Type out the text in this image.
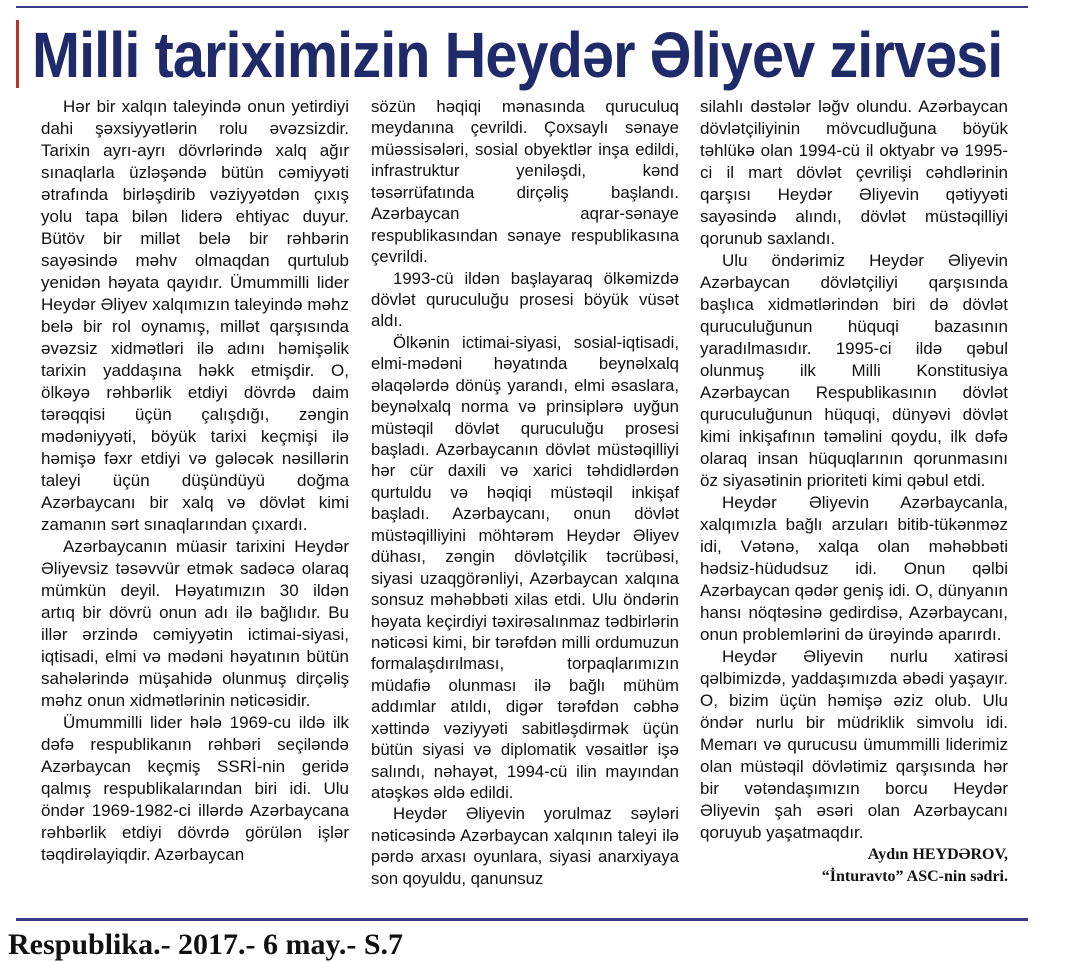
Milli tariximizin Heydər Əliyev zirvəsi

Hər bir xalqın taleyində onun yetirdiyi dahi şəxsiyyətlərin rolu əvəzsizdir. Tarixin ayrı-ayrı dövrlərində xalq ağır sınaqlarla üzləşəndə bütün cəmiyyəti ətrafında birləşdirib vəziyyətdən çıxış yolu tapa bilən liderə ehtiyac duyur. Bütöv bir millət belə bir rəhbərin sayəsində məhv olmaqdan qurtulub yenidən həyata qayıdır. Ümummilli lider Heydər Əliyev xalqımızın taleyində məhz belə bir rol oynamış, millət qarşısında əvəzsiz xidmətləri ilə adını həmişəlik tarixin yaddaşına həkk etmişdir. O, ölkəyə rəhbərlik etdiyi dövrdə daim tərəqqisi üçün çalışdığı, zəngin mədəniyyəti, böyük tarixi keçmişi ilə həmişə fəxr etdiyi və gələcək nəsillərin taleyi üçün düşündüyü doğma Azərbaycanı bir xalq və dövlət kimi zamanın sərt sınaqlarından çıxardı.

Azərbaycanın müasir tarixini Heydər Əliyevsiz təsəvvür etmək sadəcə olaraq mümkün deyil. Həyatımızın 30 ildən artıq bir dövrü onun adı ilə bağlıdır. Bu illər ərzində cəmiyyətin ictimai-siyasi, iqtisadi, elmi və mədəni həyatının bütün sahələrində müşahidə olunmuş dirçəliş məhz onun xidmətlərinin nəticəsidir.

Ümummilli lider hələ 1969-cu ildə ilk dəfə respublikanın rəhbəri seçiləndə Azərbaycan keçmiş SSRİ-nin geridə qalmış respublikalarından biri idi. Ulu öndər 1969-1982-ci illərdə Azərbaycana rəhbərlik etdiyi dövrdə görülən işlər təqdirəlayiqdir. Azərbaycan

sözün həqiqi mənasında quruculuq meydanına çevrildi. Çoxsaylı sənaye müəssisələri, sosial obyektlər inşa edildi, infrastruktur yeniləşdi, kənd təsərrüfatında dirçəliş başlandı. Azərbaycan aqrar-sənaye respublikasından sənaye respublikasına çevrildi.

1993-cü ildən başlayaraq ölkəmizdə dövlət quruculuğu prosesi böyük vüsət aldı.

Ölkənin ictimai-siyasi, sosial-iqtisadi, elmi-mədəni həyatında beynəlxalq əlaqələrdə dönüş yarandı, elmi əsaslara, beynəlxalq norma və prinsiplərə uyğun müstəqil dövlət quruculuğu prosesi başladı. Azərbaycanın dövlət müstəqilliyi hər cür daxili və xarici təhdidlərdən qurtuldu və həqiqi müstəqil inkişaf başladı. Azərbaycanı, onun dövlət müstəqilliyini möhtərəm Heydər Əliyev dühası, zəngin dövlətçilik təcrübəsi, siyasi uzaqgörənliyi, Azərbaycan xalqına sonsuz məhəbbəti xilas etdi. Ulu öndərin həyata keçirdiyi təxirəsalınmaz tədbirlərin nəticəsi kimi, bir tərəfdən milli ordumuzun formalaşdırılması, torpaqlarımızın müdafiə olunması ilə bağlı mühüm addımlar atıldı, digər tərəfdən cəbhə xəttində vəziyyəti sabitləşdirmək üçün bütün siyasi və diplomatik vəsaitlər işə salındı, nəhayət, 1994-cü ilin mayından atəşkəs əldə edildi.

Heydər Əliyevin yorulmaz səyləri nəticəsində Azərbaycan xalqının taleyi ilə pərdə arxası oyunlara, siyasi anarxiyaya son qoyuldu, qanunsuz

silahlı dəstələr ləğv olundu. Azərbaycan dövlətçiliyinin mövcudluğuna böyük təhlükə olan 1994-cü il oktyabr və 1995-ci il mart dövlət çevrilişi cəhdlərinin qarşısı Heydər Əliyevin qətiyyəti sayəsində alındı, dövlət müstəqilliyi qorunub saxlandı.

Ulu öndərimiz Heydər Əliyevin Azərbaycan dövlətçiliyi qarşısında başlıca xidmətlərindən biri də dövlət quruculuğunun hüquqi bazasının yaradılmasıdır. 1995-ci ildə qəbul olunmuş ilk Milli Konstitusiya Azərbaycan Respublikasının dövlət quruculuğunun hüquqi, dünyəvi dövlət kimi inkişafının təməlini qoydu, ilk dəfə olaraq insan hüquqlarının qorunmasını öz siyasətinin prioriteti kimi qəbul etdi.

Heydər Əliyevin Azərbaycanla, xalqımızla bağlı arzuları bitib-tükənməz idi, Vətənə, xalqa olan məhəbbəti hədsiz-hüdudsuz idi. Onun qəlbi Azərbaycan qədər geniş idi. O, dünyanın hansı nöqtəsinə gedirdisə, Azərbaycanı, onun problemlərini də ürəyində aparırdı.

Heydər Əliyevin nurlu xatirəsi qəlbimizdə, yaddaşımızda əbədi yaşayır. O, bizim üçün həmişə əziz olub. Ulu öndər nurlu bir müdriklik simvolu idi. Memarı və qurucusu ümummilli liderimiz olan müstəqil dövlətimiz qarşısında hər bir vətəndaşımızın borcu Heydər Əliyevin şah əsəri olan Azərbaycanı qoruyub yaşatmaqdır.

Aydın HEYDƏROV,

“İnturavto” ASC-nin sədri.

Respublika.- 2017.- 6 may.- S.7
